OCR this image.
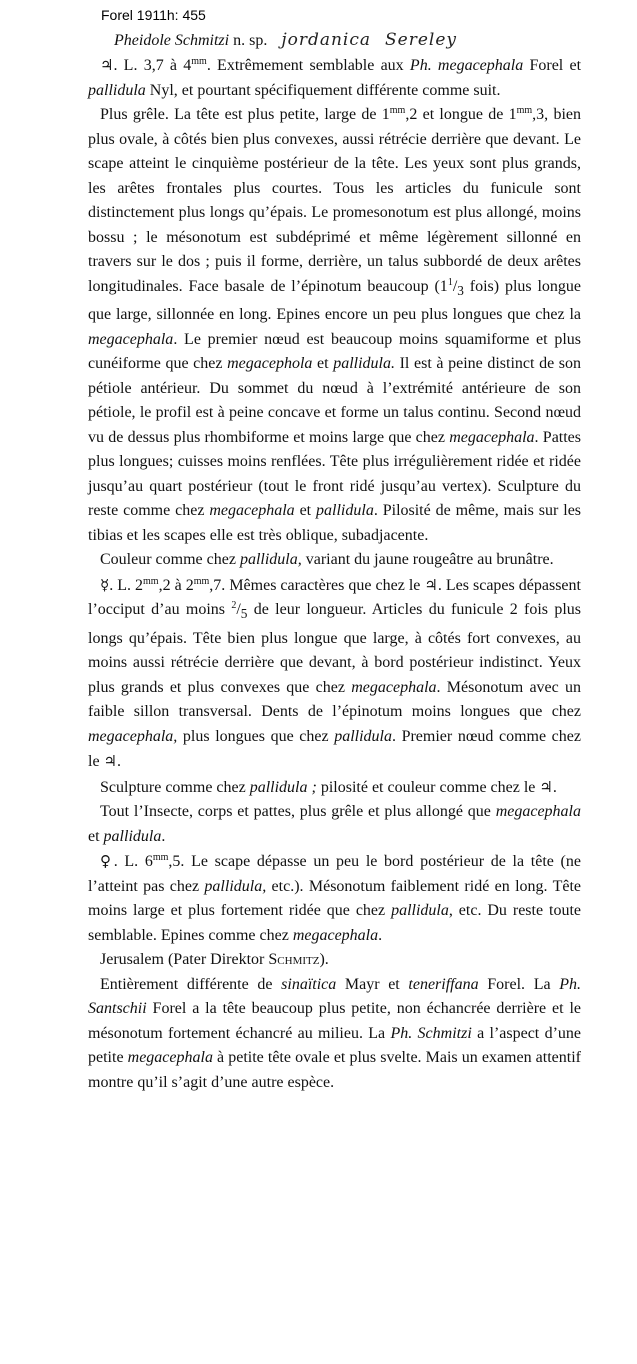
Forel 1911h: 455
Pheidole Schmitzi n. sp. jordanica Sereley

♃. L. 3,7 à $4^{mm}$. Extrêmement semblable aux Ph. megacephala Forel et pallidula Nyl, et pourtant spécifiquement différente comme suit.

Plus grêle. La tête est plus petite, large de $1^{mm},2$ et longue de $1^{mm},3$, bien plus ovale, à côtés bien plus convexes, aussi rétrécie derrière que devant. Le scape atteint le cinquième postérieur de la tête. Les yeux sont plus grands, les arêtes frontales plus courtes. Tous les articles du funicule sont distinctement plus longs qu’épais. Le promesonotum est plus allongé, moins bossu ; le mésonotum est subdéprimé et même légèrement sillonné en travers sur le dos ; puis il forme, derrière, un talus subbordé de deux arêtes longitudinales. Face basale de l’épinotum beaucoup ($1^1/_3$ fois) plus longue que large, sillonnée en long. Epines encore un peu plus longues que chez la megacephala. Le premier nœud est beaucoup moins squamiforme et plus cunéiforme que chez megacephola et pallidula. Il est à peine distinct de son pétiole antérieur. Du sommet du nœud à l’extrémité antérieure de son pétiole, le profil est à peine concave et forme un talus continu. Second nœud vu de dessus plus rhombiforme et moins large que chez megacephala. Pattes plus longues; cuisses moins renflées. Tête plus irrégulièrement ridée et ridée jusqu’au quart postérieur (tout le front ridé jusqu’au vertex). Sculpture du reste comme chez megacephala et pallidula. Pilosité de même, mais sur les tibias et les scapes elle est très oblique, subadjacente.

Couleur comme chez pallidula, variant du jaune rougeâtre au brunâtre.

☿. L. $2^{mm},2$ à $2^{mm},7$. Mêmes caractères que chez le ♃. Les scapes dépassent l’occiput d’au moins $^2/_5$ de leur longueur. Articles du funicule 2 fois plus longs qu’épais. Tête bien plus longue que large, à côtés fort convexes, au moins aussi rétrécie derrière que devant, à bord postérieur indistinct. Yeux plus grands et plus convexes que chez megacephala. Mésonotum avec un faible sillon transversal. Dents de l’épinotum moins longues que chez megacephala, plus longues que chez pallidula. Premier nœud comme chez le ♃.

Sculpture comme chez pallidula ; pilosité et couleur comme chez le ♃.

Tout l’Insecte, corps et pattes, plus grêle et plus allongé que megacephala et pallidula.

♀. L. $6^{mm},5$. Le scape dépasse un peu le bord postérieur de la tête (ne l’atteint pas chez pallidula, etc.). Mésonotum faiblement ridé en long. Tête moins large et plus fortement ridée que chez pallidula, etc. Du reste toute semblable. Epines comme chez megacephala.

Jerusalem (Pater Direktor Schmitz).

Entièrement différente de sinaïtica Mayr et teneriffana Forel. La Ph. Santschii Forel a la tête beaucoup plus petite, non échancrée derrière et le mésonotum fortement échancré au milieu. La Ph. Schmitzi a l’aspect d’une petite megacephala à petite tête ovale et plus svelte. Mais un examen attentif montre qu’il s’agit d’une autre espèce.
